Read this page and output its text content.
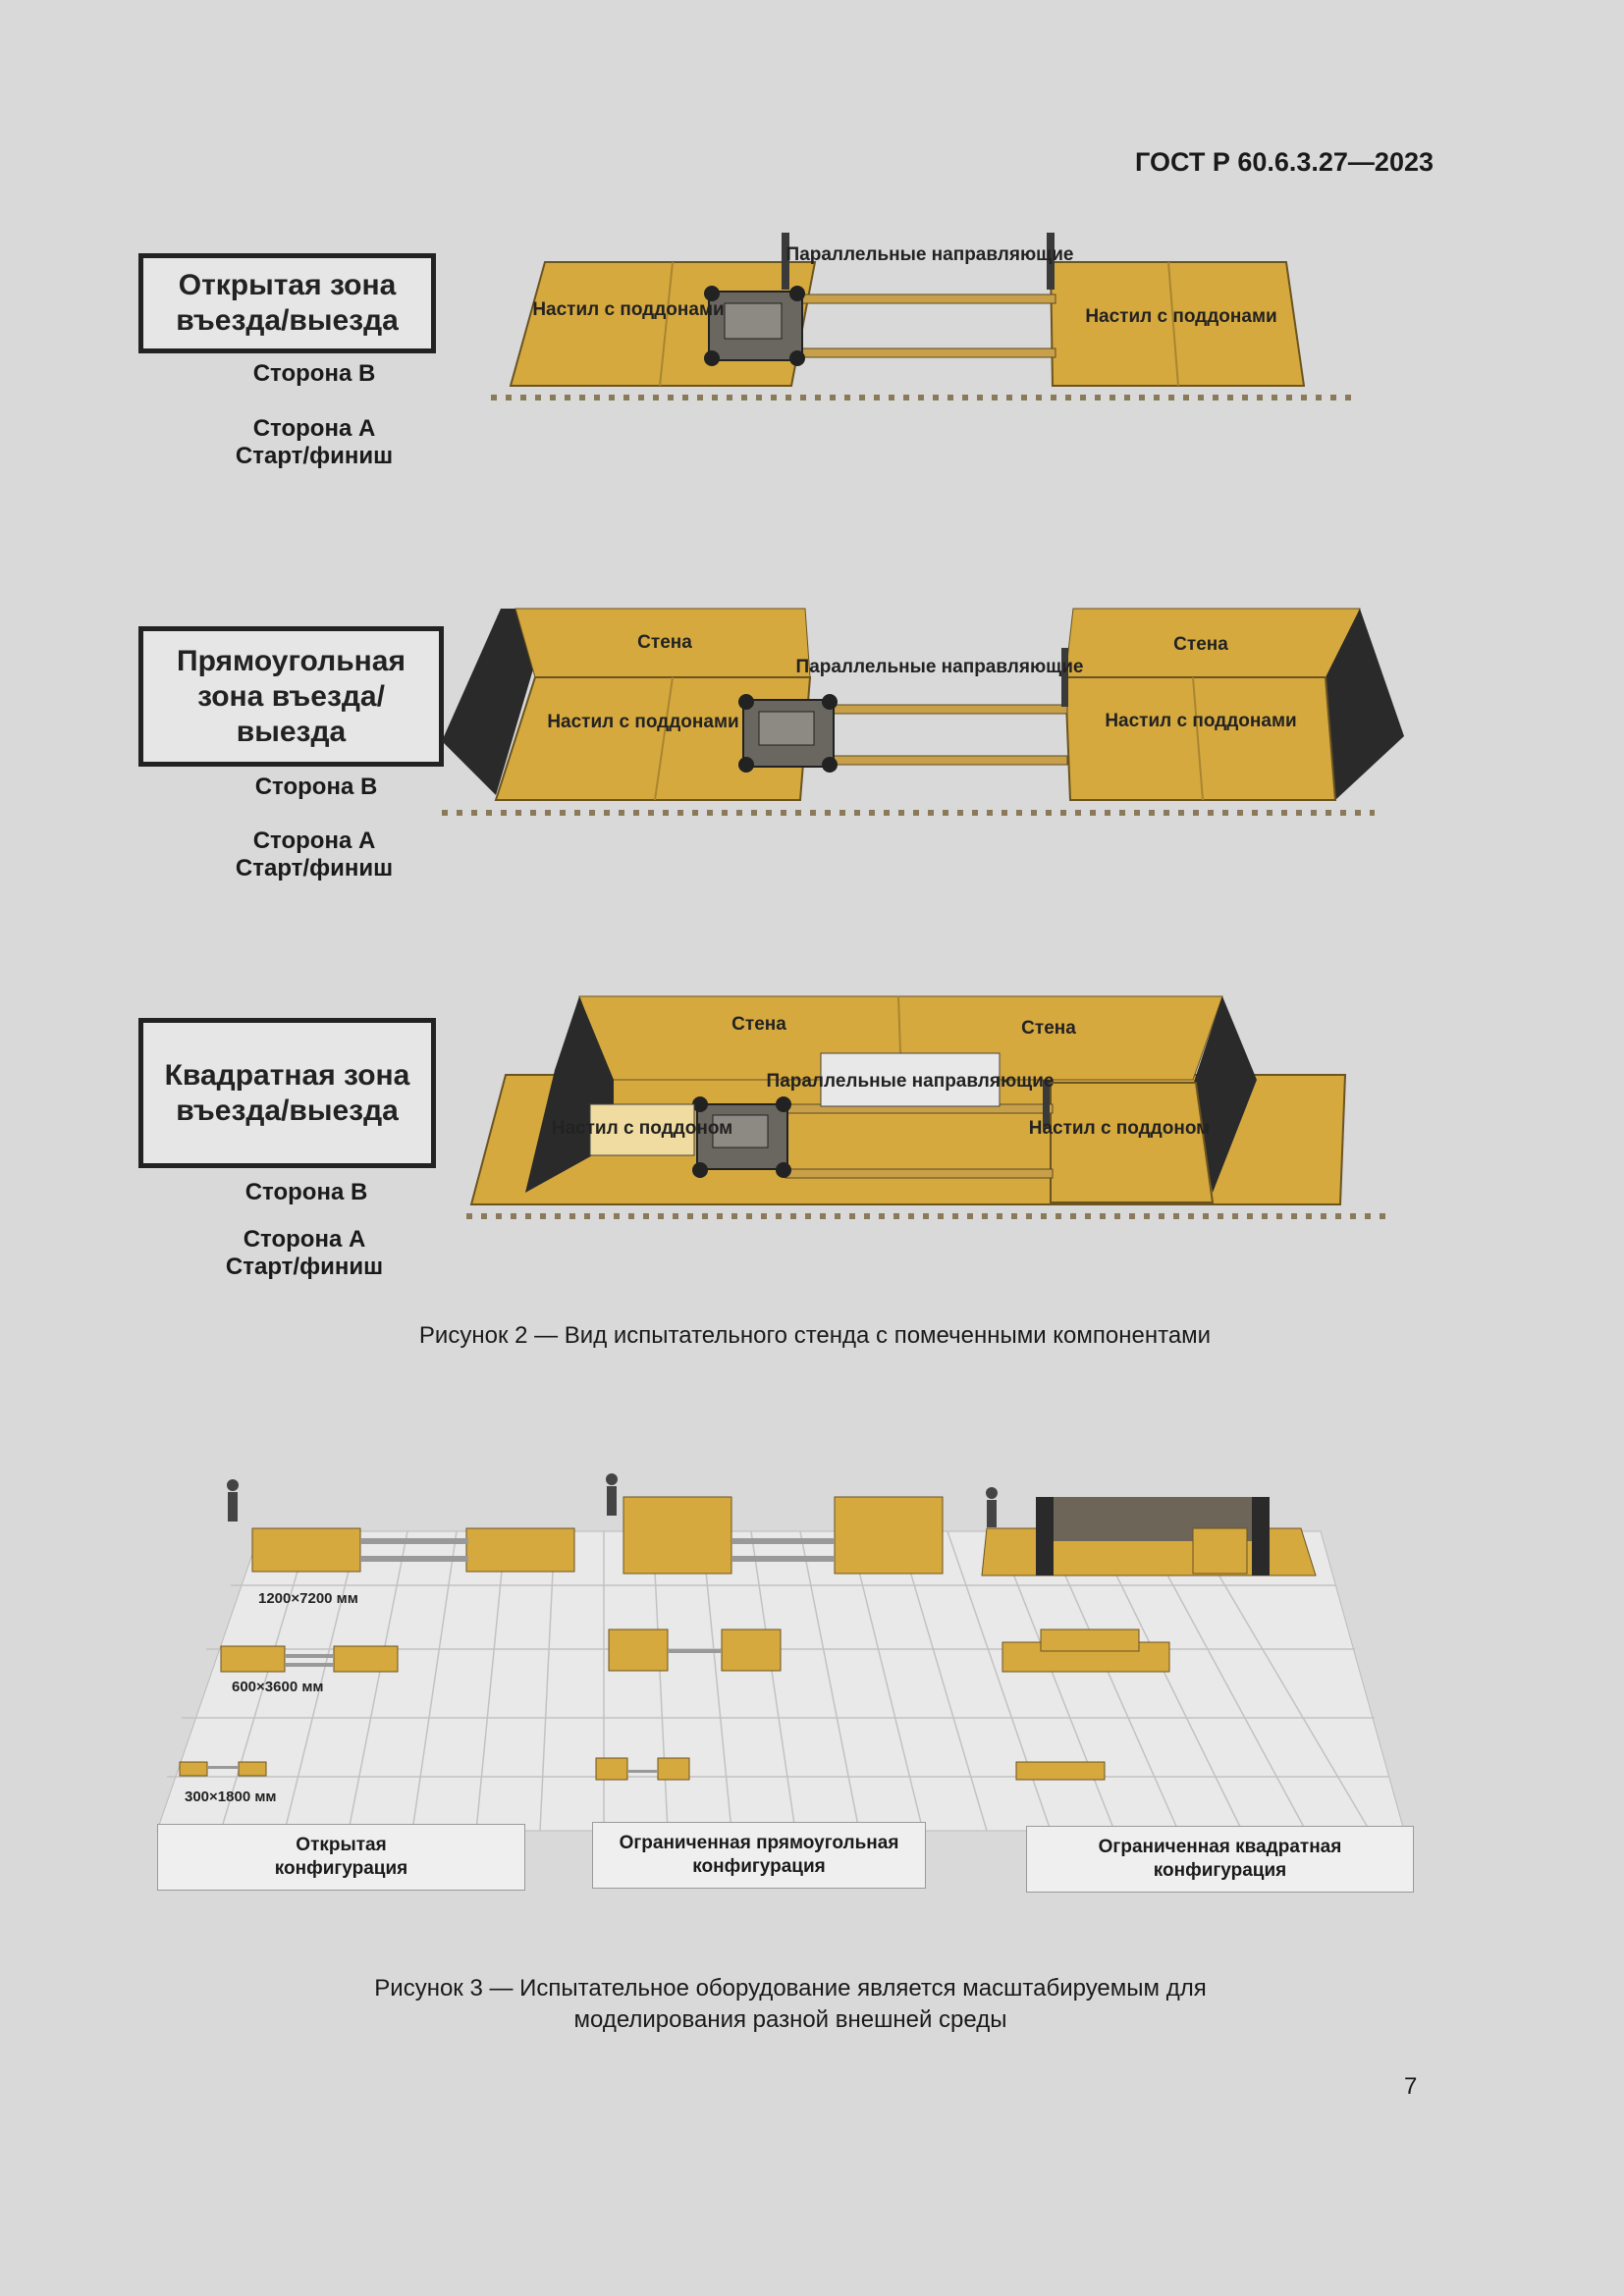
ГОСТ Р 60.6.3.27—2023
Открытая зона въезда/выезда
Сторона B
Сторона A
Старт/финиш
Настил с поддонами	Настил с поддонами
Параллельные направляющие
Прямоугольная зона въезда/выезда
Сторона B
Сторона A
Старт/финиш
Стена	Стена
Настил с поддонами	Настил с поддонами
Параллельные направляющие
Квадратная зона въезда/выезда
Сторона B
Сторона A
Старт/финиш
Стена	Стена
Параллельные направляющие
Настил с поддоном	Настил с поддоном
Рисунок 2 — Вид испытательного стенда с помеченными компонентами
1200×7200 мм
600×3600 мм
300×1800 мм
Открытая конфигурация
Ограниченная прямоугольная конфигурация
Ограниченная квадратная конфигурация
Рисунок 3 — Испытательное оборудование является масштабируемым для
моделирования разной внешней среды
7
